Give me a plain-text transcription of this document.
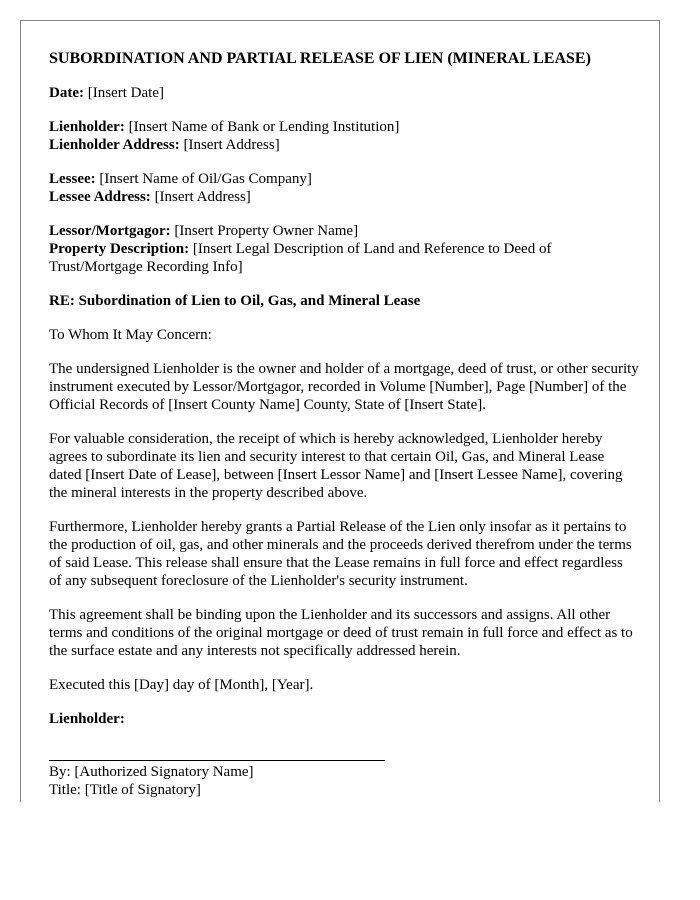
SUBORDINATION AND PARTIAL RELEASE OF LIEN (MINERAL LEASE)
Date: [Insert Date]
Lienholder: [Insert Name of Bank or Lending Institution]
Lienholder Address: [Insert Address]
Lessee: [Insert Name of Oil/Gas Company]
Lessee Address: [Insert Address]
Lessor/Mortgagor: [Insert Property Owner Name]
Property Description: [Insert Legal Description of Land and Reference to Deed of Trust/Mortgage Recording Info]
RE: Subordination of Lien to Oil, Gas, and Mineral Lease

To Whom It May Concern:

The undersigned Lienholder is the owner and holder of a mortgage, deed of trust, or other security instrument executed by Lessor/Mortgagor, recorded in Volume [Number], Page [Number] of the Official Records of [Insert County Name] County, State of [Insert State].

For valuable consideration, the receipt of which is hereby acknowledged, Lienholder hereby agrees to subordinate its lien and security interest to that certain Oil, Gas, and Mineral Lease dated [Insert Date of Lease], between [Insert Lessor Name] and [Insert Lessee Name], covering the mineral interests in the property described above.

Furthermore, Lienholder hereby grants a Partial Release of the Lien only insofar as it pertains to the production of oil, gas, and other minerals and the proceeds derived therefrom under the terms of said Lease. This release shall ensure that the Lease remains in full force and effect regardless of any subsequent foreclosure of the Lienholder's security instrument.

This agreement shall be binding upon the Lienholder and its successors and assigns. All other terms and conditions of the original mortgage or deed of trust remain in full force and effect as to the surface estate and any interests not specifically addressed herein.

Executed this [Day] day of [Month], [Year].

Lienholder:
By: [Authorized Signatory Name]
Title: [Title of Signatory]
